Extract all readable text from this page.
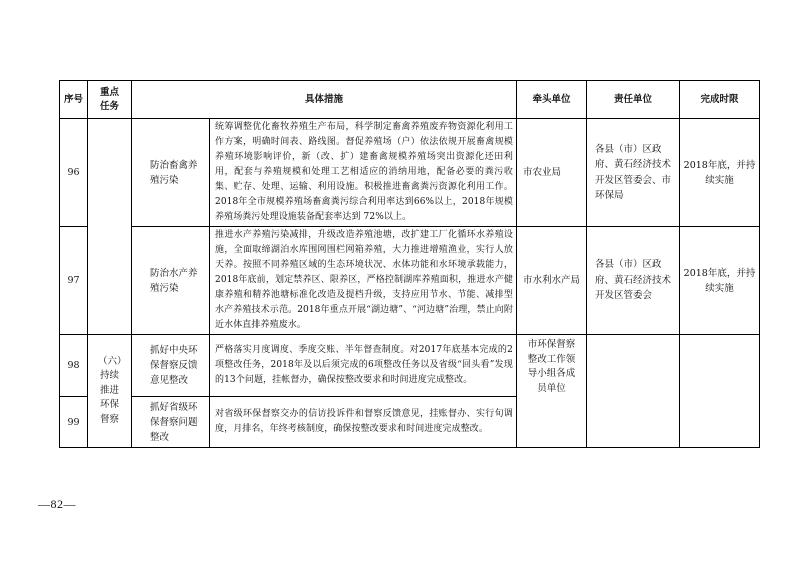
序号	重点任务	具体措施		牵头单位	责任单位	完成时限
96		防治畜禽养殖污染	统筹调整优化畜牧养殖生产布局，科学制定畜禽养殖废弃物资源化利用工作方案，明确时间表、路线图。督促养殖场（户）依法依规开展畜禽规模养殖环境影响评价，新（改、扩）建畜禽规模养殖场突出资源化还田利用，配套与养殖规模和处理工艺相适应的消纳用地，配备必要的粪污收集、贮存、处理、运输、利用设施。积极推进畜禽粪污资源化利用工作。2018年全市规模养殖场畜禽粪污综合利用率达到66%以上，2018年规模养殖场粪污处理设施装备配套率达到 72%以上。	市农业局	各县（市）区政府、黄石经济技术开发区管委会、市环保局	2018年底，并持续实施
97		防治水产养殖污染	推进水产养殖污染减排，升级改造养殖池塘，改扩建工厂化循环水养殖设施，全面取缔湖泊水库围网围栏网箱养殖，大力推进增殖渔业，实行人放天养。按照不同养殖区域的生态环境状况、水体功能和水环境承载能力，2018年底前，划定禁养区、限养区，严格控制湖库养殖面积，推进水产健康养殖和精养池塘标准化改造及提档升级，支持应用节水、节能、减排型水产养殖技术示范。2018年重点开展“湖边塘”、“河边塘”治理，禁止向附近水体直排养殖废水。	市水利水产局	各县（市）区政府、黄石经济技术开发区管委会	2018年底，并持续实施
98	（六）持续推进环保督察	抓好中央环保督察反馈意见整改	严格落实月度调度、季度交账、半年督查制度。对2017年底基本完成的2项整改任务，2018年及以后须完成的6项整改任务以及省级“回头看”发现的13个问题，挂帐督办，确保按整改要求和时间进度完成整改。	市环保督察整改工作领导小组各成员单位		
99		抓好省级环保督察问题整改	对省级环保督察交办的信访投诉件和督察反馈意见，挂账督办、实行旬调度，月排名，年终考核制度，确保按整改要求和时间进度完成整改。			
—82—
